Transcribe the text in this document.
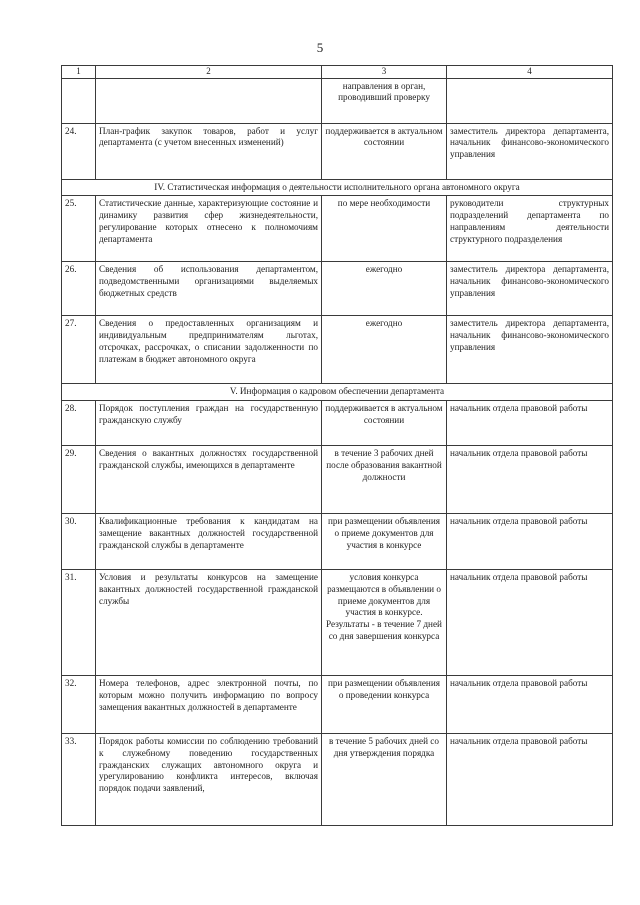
5
1	2	3	4
		направления в орган, проводивший проверку	
24.	План-график закупок товаров, работ и услуг департамента (с учетом внесенных изменений)	поддерживается в актуальном состоянии	заместитель директора департамента, начальник финансово-экономического управления
IV. Статистическая информация о деятельности исполнительного органа автономного округа			
25.	Статистические данные, характеризующие состояние и динамику развития сфер жизнедеятельности, регулирование которых отнесено к полномочиям департамента	по мере необходимости	руководители структурных подразделений департамента по направлениям деятельности структурного подразделения
26.	Сведения об использования департаментом, подведомственными организациями выделяемых бюджетных средств	ежегодно	заместитель директора департамента, начальник финансово-экономического управления
27.	Сведения о предоставленных организациям и индивидуальным предпринимателям льготах, отсрочках, рассрочках, о списании задолженности по платежам в бюджет автономного округа	ежегодно	заместитель директора департамента, начальник финансово-экономического управления
V. Информация о кадровом обеспечении департамента			
28.	Порядок поступления граждан на государственную гражданскую службу	поддерживается в актуальном состоянии	начальник отдела правовой работы
29.	Сведения о вакантных должностях государственной гражданской службы, имеющихся в департаменте	в течение 3 рабочих дней после образования вакантной должности	начальник отдела правовой работы
30.	Квалификационные требования к кандидатам на замещение вакантных должностей государственной гражданской службы в департаменте	при размещении объявления о приеме документов для участия в конкурсе	начальник отдела правовой работы
31.	Условия и результаты конкурсов на замещение вакантных должностей государственной гражданской службы	условия конкурса размещаются в объявлении о приеме документов для участия в конкурсе. Результаты - в течение 7 дней со дня завершения конкурса	начальник отдела правовой работы
32.	Номера телефонов, адрес электронной почты, по которым можно получить информацию по вопросу замещения вакантных должностей в департаменте	при размещении объявления о проведении конкурса	начальник отдела правовой работы
33.	Порядок работы комиссии по соблюдению требований к служебному поведению государственных гражданских служащих автономного округа и урегулированию конфликта интересов, включая порядок подачи заявлений,	в течение 5 рабочих дней со дня утверждения порядка	начальник отдела правовой работы
